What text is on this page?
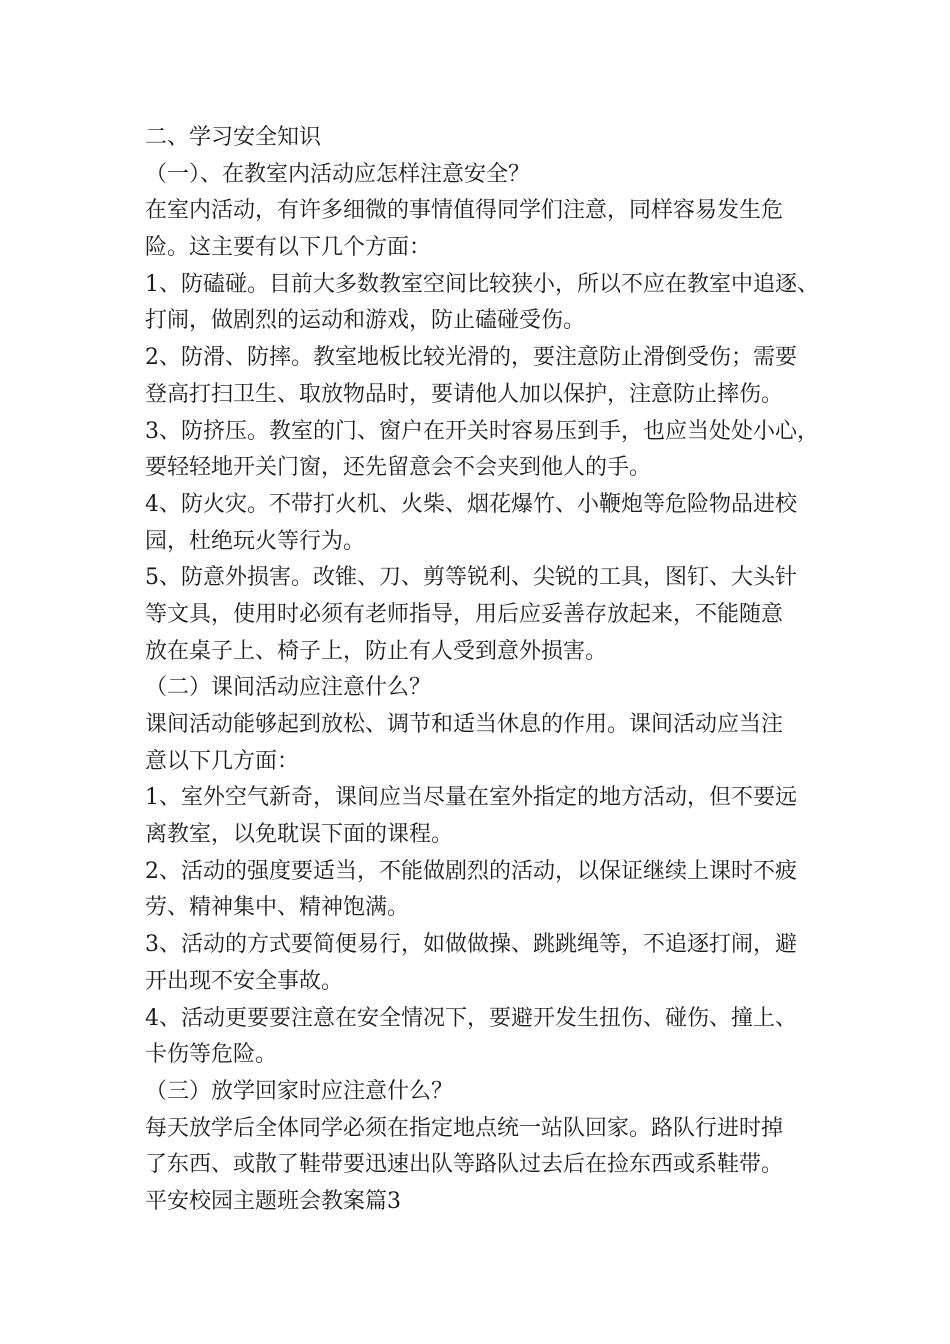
二、学习安全知识
（一）、在教室内活动应怎样注意安全？
在室内活动，有许多细微的事情值得同学们注意，同样容易发生危
险。这主要有以下几个方面：
1、防磕碰。目前大多数教室空间比较狭小，所以不应在教室中追逐、
打闹，做剧烈的运动和游戏，防止磕碰受伤。
2、防滑、防摔。教室地板比较光滑的，要注意防止滑倒受伤；需要
登高打扫卫生、取放物品时，要请他人加以保护，注意防止摔伤。
3、防挤压。教室的门、窗户在开关时容易压到手，也应当处处小心，
要轻轻地开关门窗，还先留意会不会夹到他人的手。
4、防火灾。不带打火机、火柴、烟花爆竹、小鞭炮等危险物品进校
园，杜绝玩火等行为。
5、防意外损害。改锥、刀、剪等锐利、尖锐的工具，图钉、大头针
等文具，使用时必须有老师指导，用后应妥善存放起来，不能随意
放在桌子上、椅子上，防止有人受到意外损害。
（二）课间活动应注意什么？
课间活动能够起到放松、调节和适当休息的作用。课间活动应当注
意以下几方面：
1、室外空气新奇，课间应当尽量在室外指定的地方活动，但不要远
离教室，以免耽误下面的课程。
2、活动的强度要适当，不能做剧烈的活动，以保证继续上课时不疲
劳、精神集中、精神饱满。
3、活动的方式要简便易行，如做做操、跳跳绳等，不追逐打闹，避
开出现不安全事故。
4、活动更要要注意在安全情况下，要避开发生扭伤、碰伤、撞上、
卡伤等危险。
（三）放学回家时应注意什么？
每天放学后全体同学必须在指定地点统一站队回家。路队行进时掉
了东西、或散了鞋带要迅速出队等路队过去后在捡东西或系鞋带。
平安校园主题班会教案篇3
